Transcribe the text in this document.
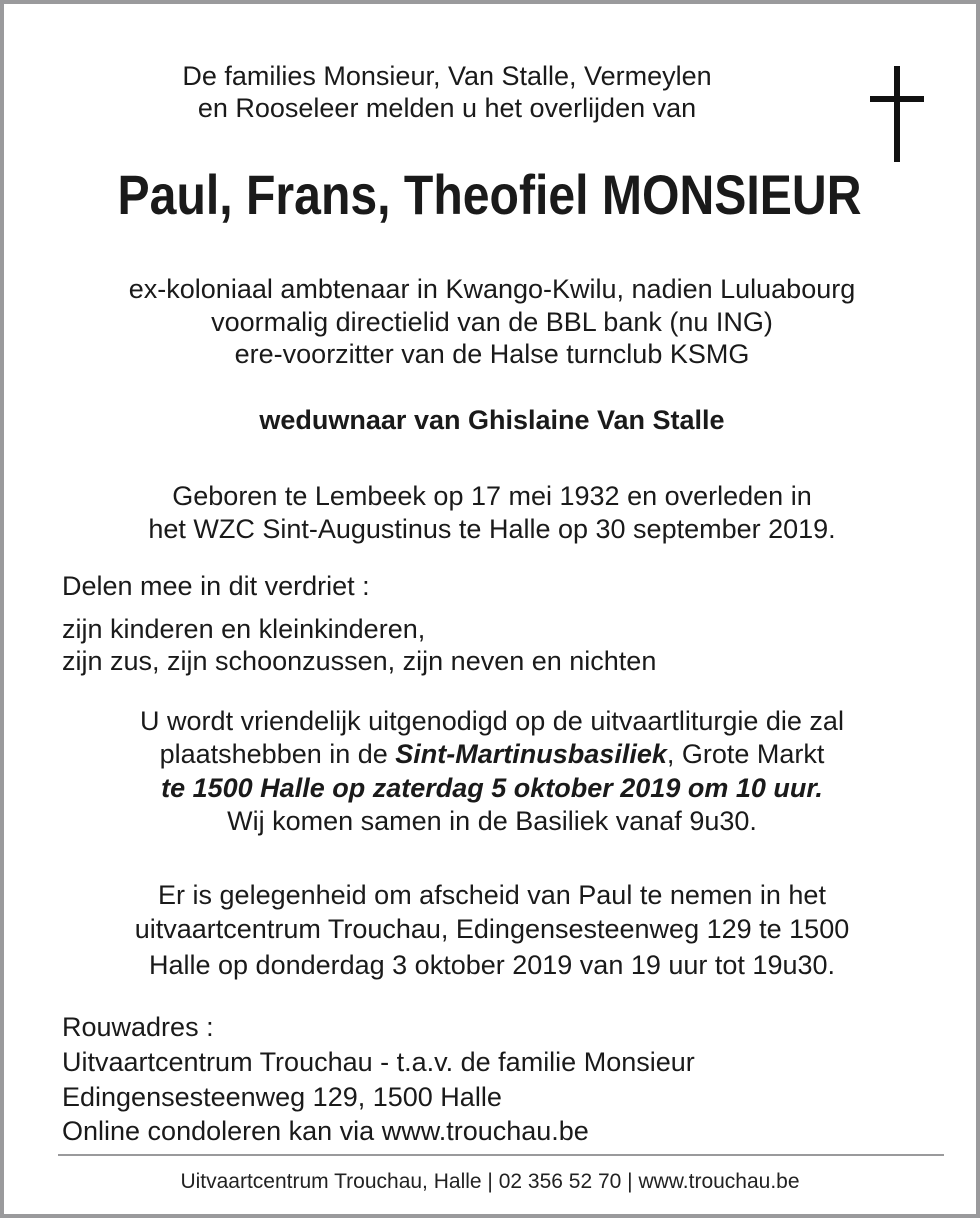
De families Monsieur, Van Stalle, Vermeylen
en Rooseleer melden u het overlijden van
Paul, Frans, Theofiel MONSIEUR
ex-koloniaal ambtenaar in Kwango-Kwilu, nadien Luluabourg
voormalig directielid van de BBL bank (nu ING)
ere-voorzitter van de Halse turnclub KSMG
weduwnaar van Ghislaine Van Stalle
Geboren te Lembeek op 17 mei 1932 en overleden in
het WZC Sint-Augustinus te Halle op 30 september 2019.
Delen mee in dit verdriet :
zijn kinderen en kleinkinderen,
zijn zus, zijn schoonzussen, zijn neven en nichten
U wordt vriendelijk uitgenodigd op de uitvaartliturgie die zal
plaatshebben in de Sint-Martinusbasiliek, Grote Markt
te 1500 Halle op zaterdag 5 oktober 2019 om 10 uur.
Wij komen samen in de Basiliek vanaf 9u30.
Er is gelegenheid om afscheid van Paul te nemen in het
uitvaartcentrum Trouchau, Edingensesteenweg 129 te 1500
Halle op donderdag 3 oktober 2019 van 19 uur tot 19u30.
Rouwadres :
Uitvaartcentrum Trouchau - t.a.v. de familie Monsieur
Edingensesteenweg 129, 1500 Halle
Online condoleren kan via www.trouchau.be
Uitvaartcentrum Trouchau, Halle | 02 356 52 70 | www.trouchau.be
